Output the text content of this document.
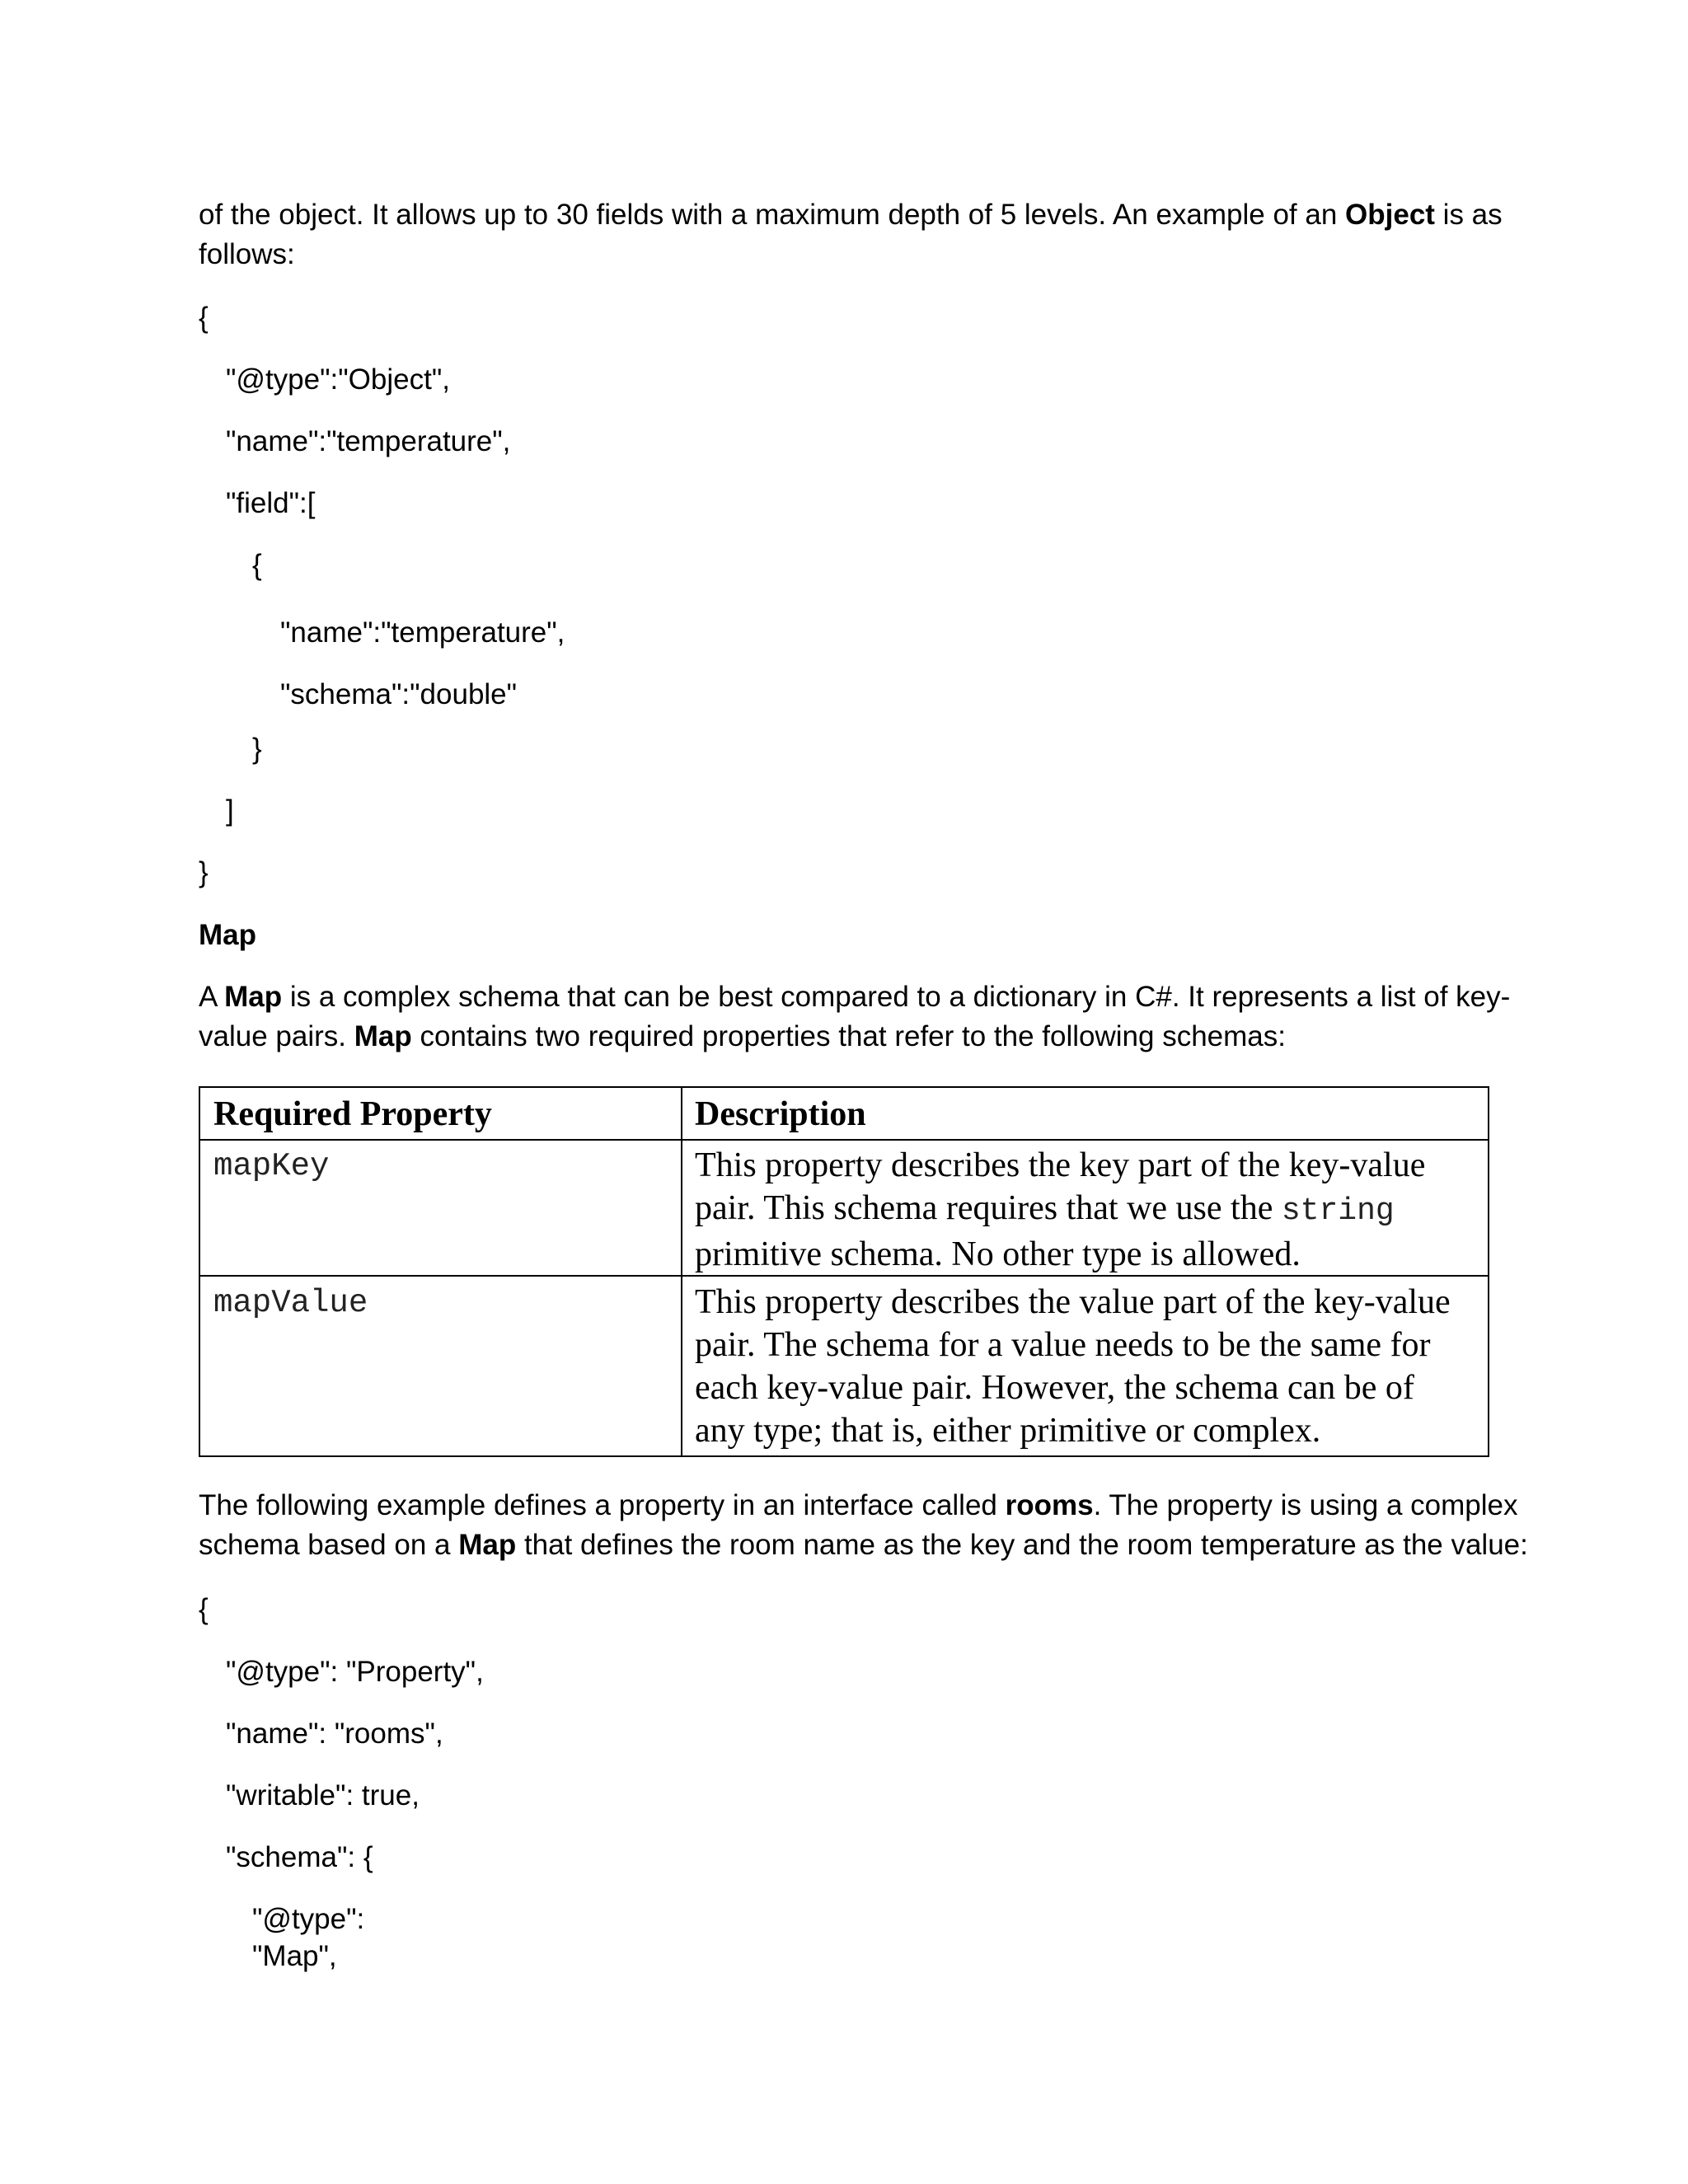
of the object. It allows up to 30 fields with a maximum depth of 5 levels. An example of an Object is as
follows:
{
"@type":"Object",
"name":"temperature",
"field":[
{
"name":"temperature",
"schema":"double"
}
]
}
Map
A Map is a complex schema that can be best compared to a dictionary in C#. It represents a list of key-
value pairs. Map contains two required properties that refer to the following schemas:
Required Property	Description
mapKey	This property describes the key part of the key-value
pair. This schema requires that we use the string
primitive schema. No other type is allowed.
mapValue	This property describes the value part of the key-value
pair. The schema for a value needs to be the same for
each key-value pair. However, the schema can be of
any type; that is, either primitive or complex.
The following example defines a property in an interface called rooms. The property is using a complex
schema based on a Map that defines the room name as the key and the room temperature as the value:
{
"@type": "Property",
"name": "rooms",
"writable": true,
"schema": {
"@type":
"Map",
